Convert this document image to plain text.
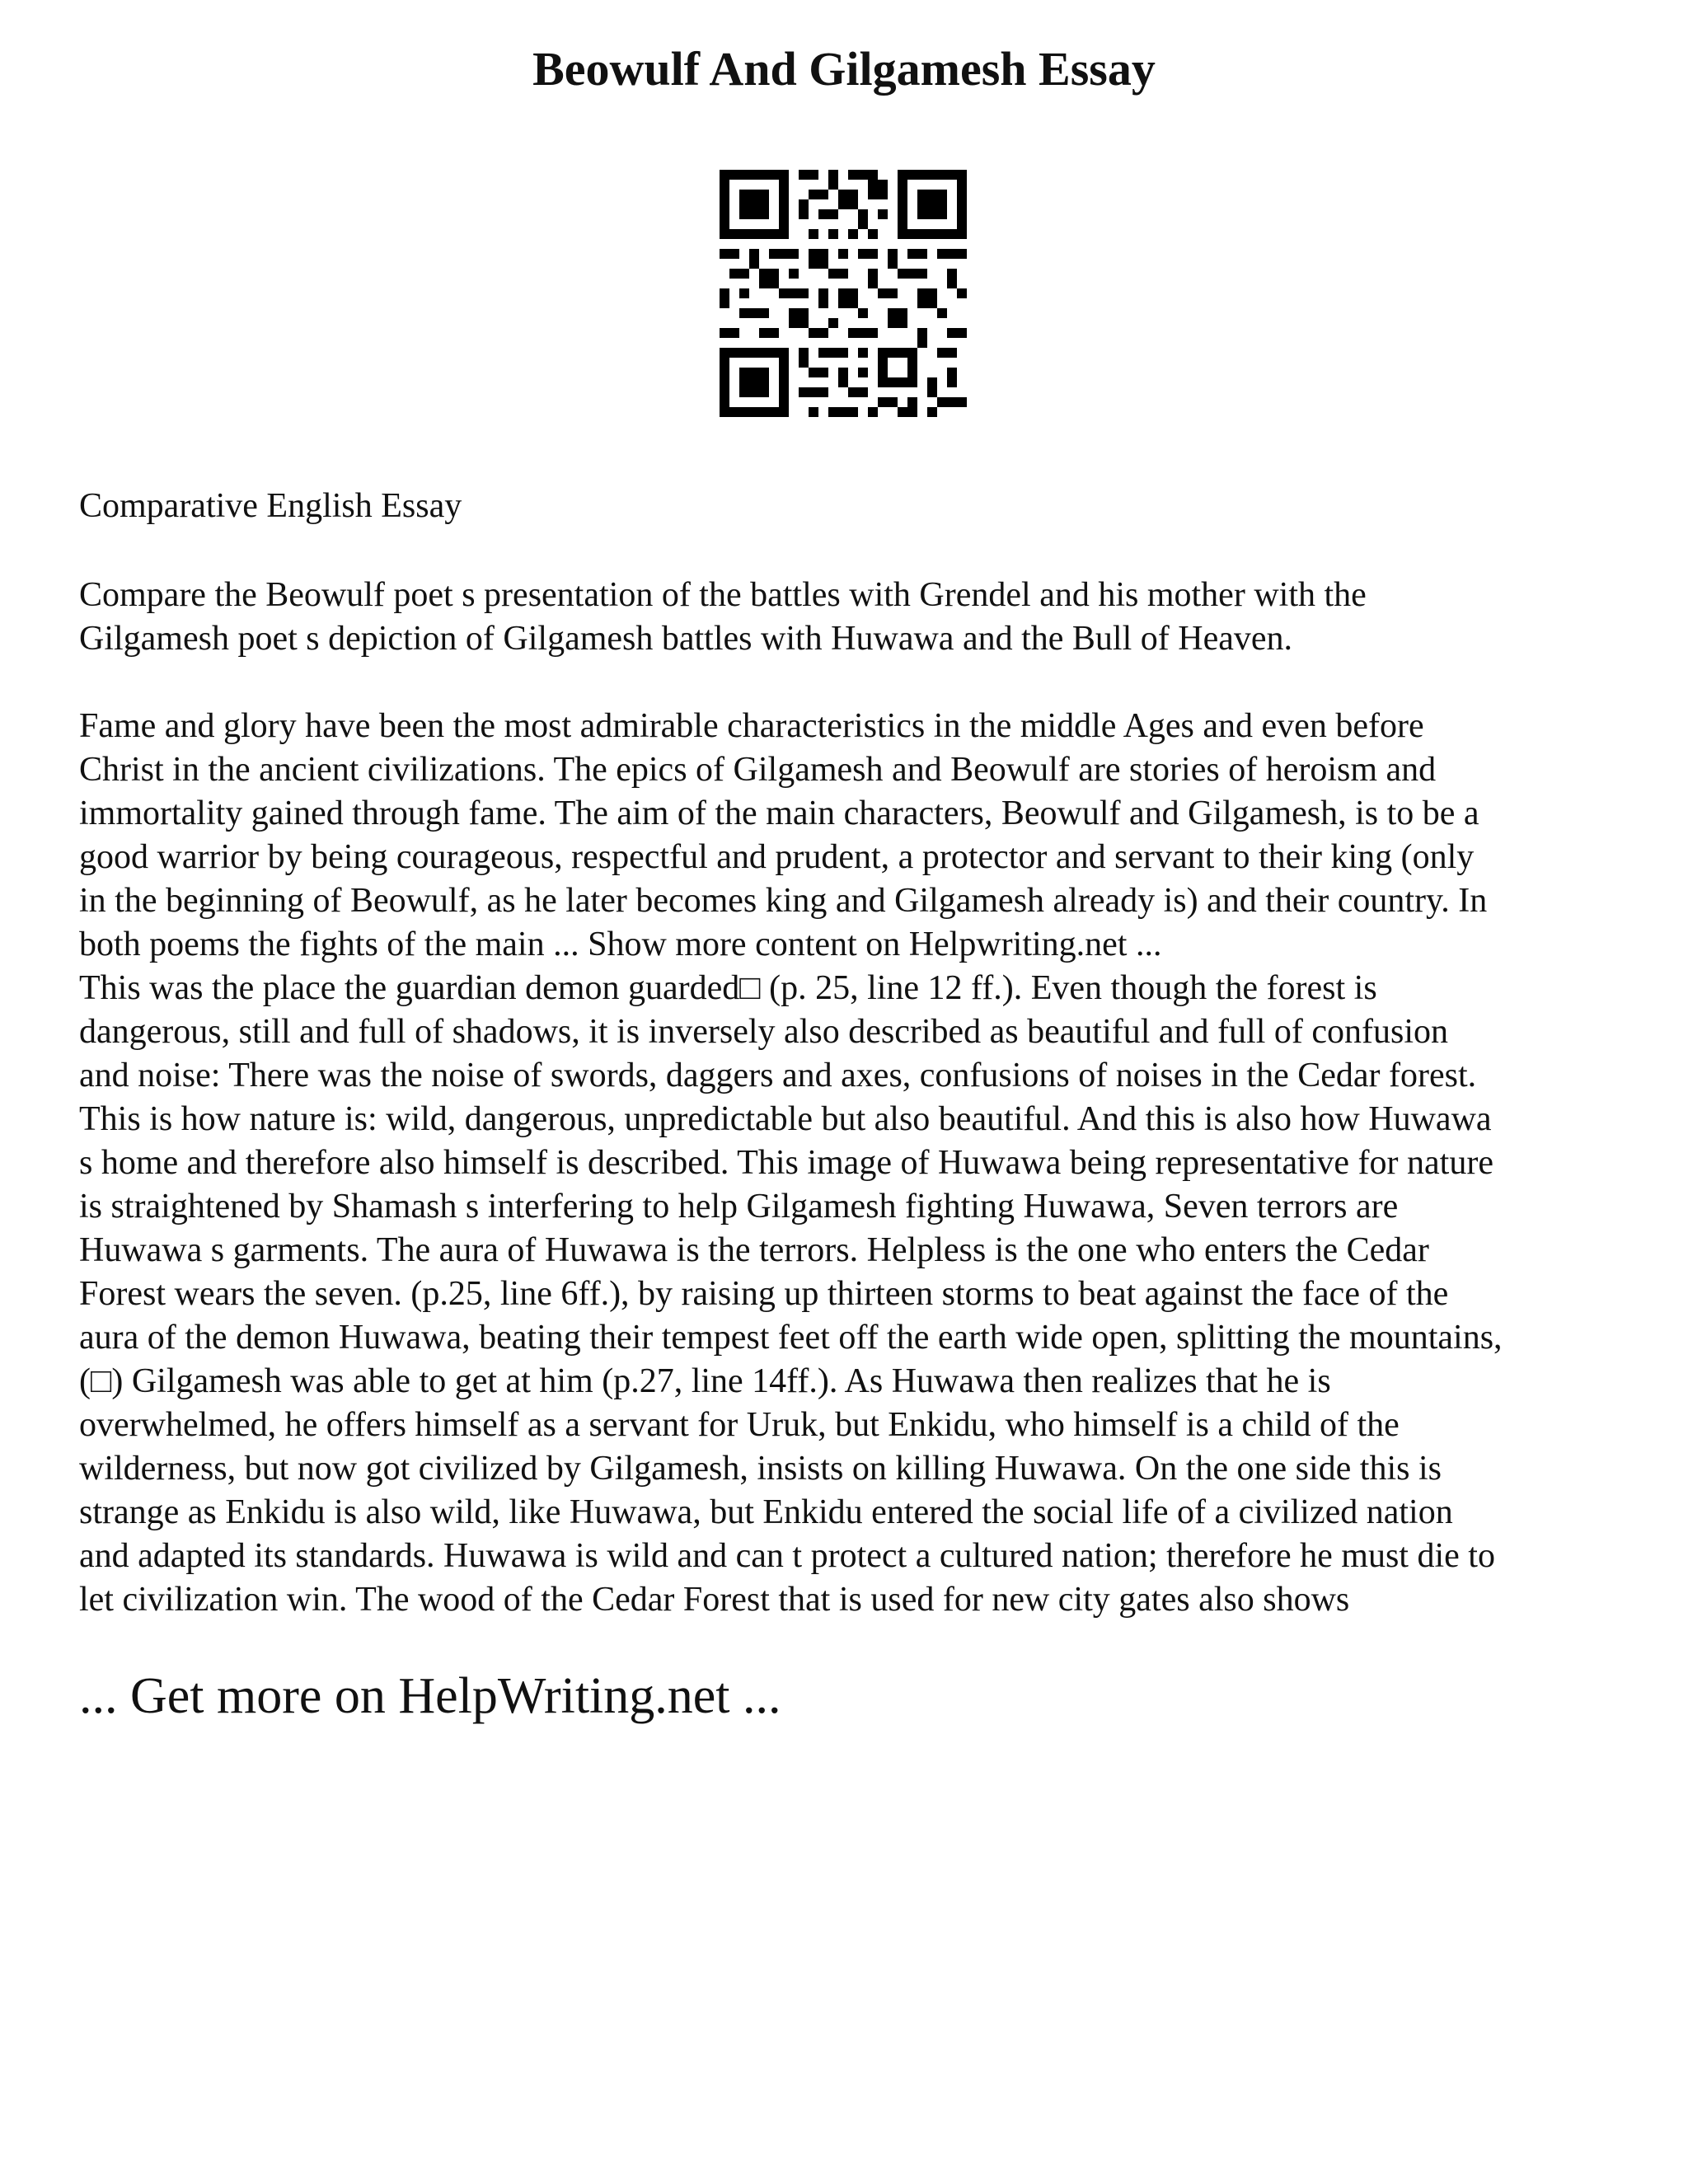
Beowulf And Gilgamesh Essay

Comparative English Essay

Compare the Beowulf poet s presentation of the battles with Grendel and his mother with the
Gilgamesh poet s depiction of Gilgamesh battles with Huwawa and the Bull of Heaven.

Fame and glory have been the most admirable characteristics in the middle Ages and even before
Christ in the ancient civilizations. The epics of Gilgamesh and Beowulf are stories of heroism and
immortality gained through fame. The aim of the main characters, Beowulf and Gilgamesh, is to be a
good warrior by being courageous, respectful and prudent, a protector and servant to their king (only
in the beginning of Beowulf, as he later becomes king and Gilgamesh already is) and their country. In
both poems the fights of the main ... Show more content on Helpwriting.net ...
This was the place the guardian demon guarded□ (p. 25, line 12 ff.). Even though the forest is
dangerous, still and full of shadows, it is inversely also described as beautiful and full of confusion
and noise: There was the noise of swords, daggers and axes, confusions of noises in the Cedar forest.
This is how nature is: wild, dangerous, unpredictable but also beautiful. And this is also how Huwawa
s home and therefore also himself is described. This image of Huwawa being representative for nature
is straightened by Shamash s interfering to help Gilgamesh fighting Huwawa, Seven terrors are
Huwawa s garments. The aura of Huwawa is the terrors. Helpless is the one who enters the Cedar
Forest wears the seven. (p.25, line 6ff.), by raising up thirteen storms to beat against the face of the
aura of the demon Huwawa, beating their tempest feet off the earth wide open, splitting the mountains,
(□) Gilgamesh was able to get at him (p.27, line 14ff.). As Huwawa then realizes that he is
overwhelmed, he offers himself as a servant for Uruk, but Enkidu, who himself is a child of the
wilderness, but now got civilized by Gilgamesh, insists on killing Huwawa. On the one side this is
strange as Enkidu is also wild, like Huwawa, but Enkidu entered the social life of a civilized nation
and adapted its standards. Huwawa is wild and can t protect a cultured nation; therefore he must die to
let civilization win. The wood of the Cedar Forest that is used for new city gates also shows

... Get more on HelpWriting.net ...
